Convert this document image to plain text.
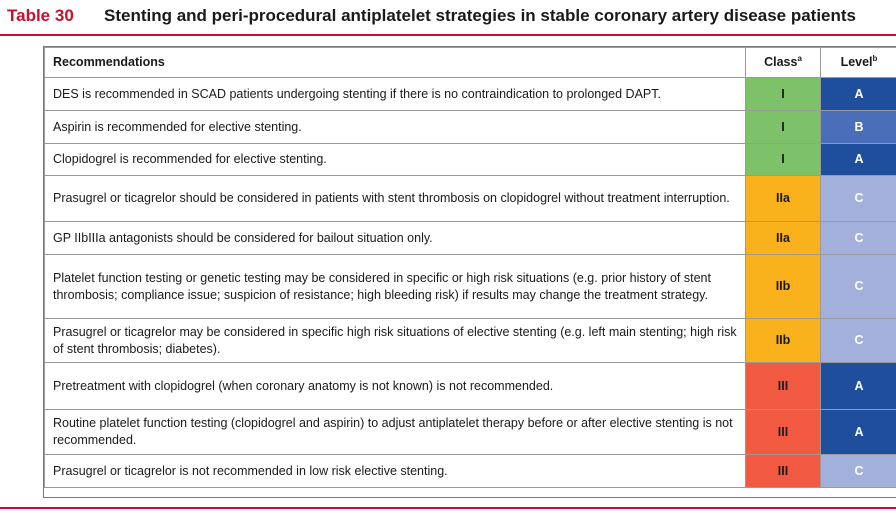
Table 30 Stenting and peri-procedural antiplatelet strategies in stable coronary artery disease patients
Recommendations	Class$^a$	Level$^b$
DES is recommended in SCAD patients undergoing stenting if there is no contraindication to prolonged DAPT.	I	A
Aspirin is recommended for elective stenting.	I	B
Clopidogrel is recommended for elective stenting.	I	A
Prasugrel or ticagrelor should be considered in patients with stent thrombosis on clopidogrel without treatment interruption.	IIa	C
GP IIbIIIa antagonists should be considered for bailout situation only.	IIa	C
Platelet function testing or genetic testing may be considered in specific or high risk situations (e.g. prior history of stent thrombosis; compliance issue; suspicion of resistance; high bleeding risk) if results may change the treatment strategy.	IIb	C
Prasugrel or ticagrelor may be considered in specific high risk situations of elective stenting (e.g. left main stenting; high risk of stent thrombosis; diabetes).	IIb	C
Pretreatment with clopidogrel (when coronary anatomy is not known) is not recommended.	III	A
Routine platelet function testing (clopidogrel and aspirin) to adjust antiplatelet therapy before or after elective stenting is not recommended.	III	A
Prasugrel or ticagrelor is not recommended in low risk elective stenting.	III	C
